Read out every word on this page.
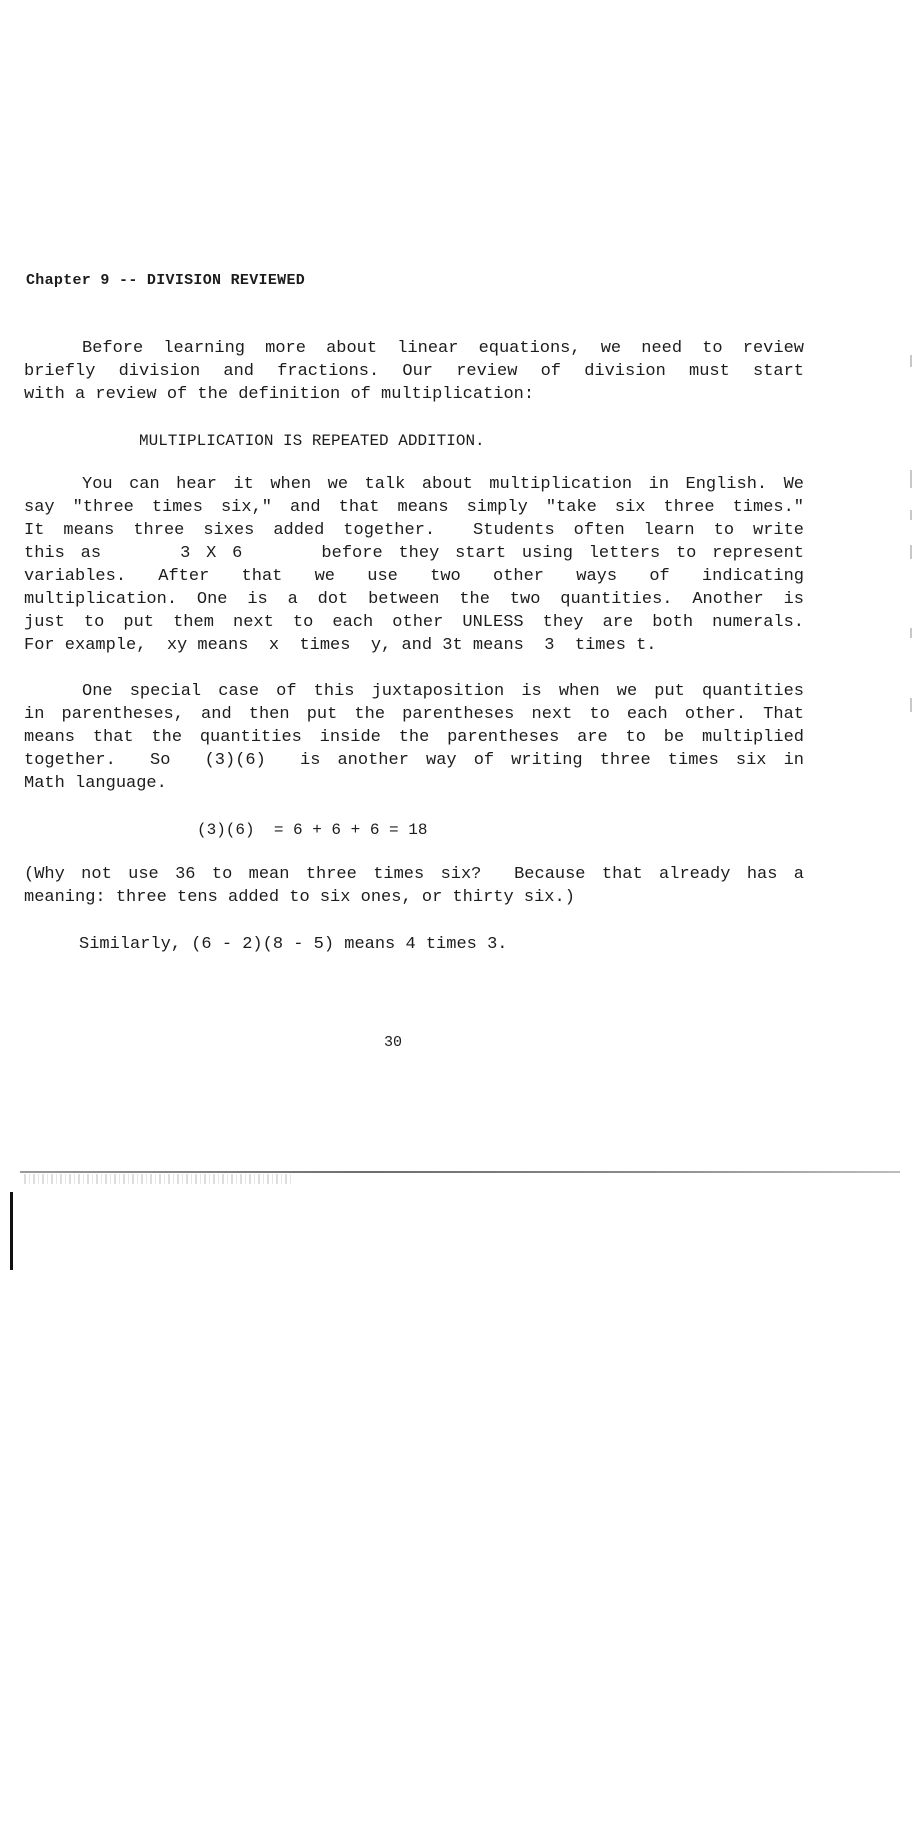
Chapter 9 -- DIVISION REVIEWED
Before learning more about linear equations, we need to review
briefly division and fractions. Our review of division must start
with a review of the definition of multiplication:
MULTIPLICATION IS REPEATED ADDITION.
You can hear it when we talk about multiplication in English. We
say "three times six," and that means simply "take six three times."
It means three sixes added together.  Students often learn to write
this as     3 X 6     before they start using letters to represent
variables. After that we use two other ways of indicating
multiplication. One is a dot between the two quantities. Another is
just to put them next to each other UNLESS they are both numerals.
For example,  xy means  x  times  y, and 3t means  3  times t.
One special case of this juxtaposition is when we put quantities
in parentheses, and then put the parentheses next to each other. That
means that the quantities inside the parentheses are to be multiplied
together.  So  (3)(6)  is another way of writing three times six in
Math language.
(3)(6)  = 6 + 6 + 6 = 18
(Why not use 36 to mean three times six?  Because that already has a
meaning: three tens added to six ones, or thirty six.)
Similarly, (6 - 2)(8 - 5) means 4 times 3.
30
